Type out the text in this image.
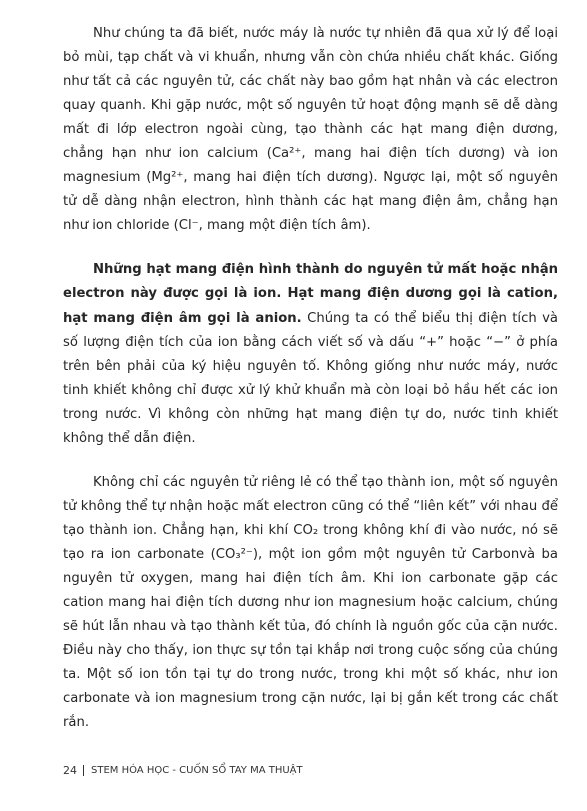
Như chúng ta đã biết, nước máy là nước tự nhiên đã qua xử lý để loại bỏ mùi, tạp chất và vi khuẩn, nhưng vẫn còn chứa nhiều chất khác. Giống như tất cả các nguyên tử, các chất này bao gồm hạt nhân và các electron quay quanh. Khi gặp nước, một số nguyên tử hoạt động mạnh sẽ dễ dàng mất đi lớp electron ngoài cùng, tạo thành các hạt mang điện dương, chẳng hạn như ion calcium (Ca²⁺, mang hai điện tích dương) và ion magnesium (Mg²⁺, mang hai điện tích dương). Ngược lại, một số nguyên tử dễ dàng nhận electron, hình thành các hạt mang điện âm, chẳng hạn như ion chloride (Cl⁻, mang một điện tích âm).

Những hạt mang điện hình thành do nguyên tử mất hoặc nhận electron này được gọi là ion. Hạt mang điện dương gọi là cation, hạt mang điện âm gọi là anion. Chúng ta có thể biểu thị điện tích và số lượng điện tích của ion bằng cách viết số và dấu “+” hoặc “−” ở phía trên bên phải của ký hiệu nguyên tố. Không giống như nước máy, nước tinh khiết không chỉ được xử lý khử khuẩn mà còn loại bỏ hầu hết các ion trong nước. Vì không còn những hạt mang điện tự do, nước tinh khiết không thể dẫn điện.

Không chỉ các nguyên tử riêng lẻ có thể tạo thành ion, một số nguyên tử không thể tự nhận hoặc mất electron cũng có thể “liên kết” với nhau để tạo thành ion. Chẳng hạn, khi khí CO₂ trong không khí đi vào nước, nó sẽ tạo ra ion carbonate (CO₃²⁻), một ion gồm một nguyên tử Carbonvà ba nguyên tử oxygen, mang hai điện tích âm. Khi ion carbonate gặp các cation mang hai điện tích dương như ion magnesium hoặc calcium, chúng sẽ hút lẫn nhau và tạo thành kết tủa, đó chính là nguồn gốc của cặn nước. Điều này cho thấy, ion thực sự tồn tại khắp nơi trong cuộc sống của chúng ta. Một số ion tồn tại tự do trong nước, trong khi một số khác, như ion carbonate và ion magnesium trong cặn nước, lại bị gắn kết trong các chất rắn.

24 STEM HÓA HỌC - CUỐN SỔ TAY MA THUẬT
